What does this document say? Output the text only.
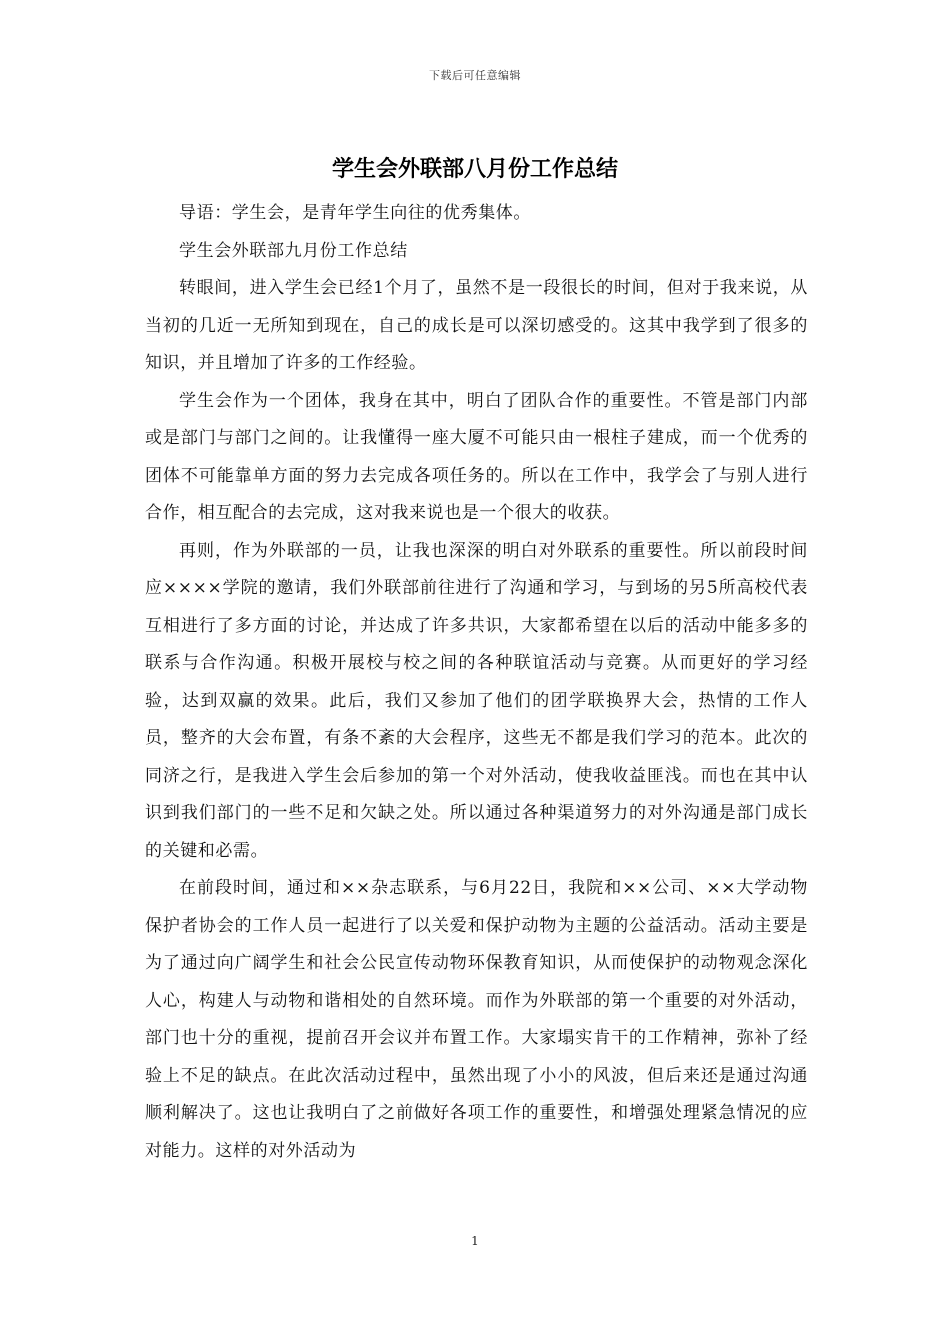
下载后可任意编辑
学生会外联部八月份工作总结

导语：学生会，是青年学生向往的优秀集体。

学生会外联部九月份工作总结

转眼间，进入学生会已经1个月了，虽然不是一段很长的时间，但对于我来说，从当初的几近一无所知到现在，自己的成长是可以深切感受的。这其中我学到了很多的知识，并且增加了许多的工作经验。

学生会作为一个团体，我身在其中，明白了团队合作的重要性。不管是部门内部或是部门与部门之间的。让我懂得一座大厦不可能只由一根柱子建成，而一个优秀的团体不可能靠单方面的努力去完成各项任务的。所以在工作中，我学会了与别人进行合作，相互配合的去完成，这对我来说也是一个很大的收获。

再则，作为外联部的一员，让我也深深的明白对外联系的重要性。所以前段时间应××××学院的邀请，我们外联部前往进行了沟通和学习，与到场的另5所高校代表互相进行了多方面的讨论，并达成了许多共识，大家都希望在以后的活动中能多多的联系与合作沟通。积极开展校与校之间的各种联谊活动与竞赛。从而更好的学习经验，达到双赢的效果。此后，我们又参加了他们的团学联换界大会，热情的工作人员，整齐的大会布置，有条不紊的大会程序，这些无不都是我们学习的范本。此次的同济之行，是我进入学生会后参加的第一个对外活动，使我收益匪浅。而也在其中认识到我们部门的一些不足和欠缺之处。所以通过各种渠道努力的对外沟通是部门成长的关键和必需。

在前段时间，通过和××杂志联系，与6月22日，我院和××公司、××大学动物保护者协会的工作人员一起进行了以关爱和保护动物为主题的公益活动。活动主要是为了通过向广阔学生和社会公民宣传动物环保教育知识，从而使保护的动物观念深化人心，构建人与动物和谐相处的自然环境。而作为外联部的第一个重要的对外活动，部门也十分的重视，提前召开会议并布置工作。大家塌实肯干的工作精神，弥补了经验上不足的缺点。在此次活动过程中，虽然出现了小小的风波，但后来还是通过沟通顺利解决了。这也让我明白了之前做好各项工作的重要性，和增强处理紧急情况的应对能力。这样的对外活动为

1
